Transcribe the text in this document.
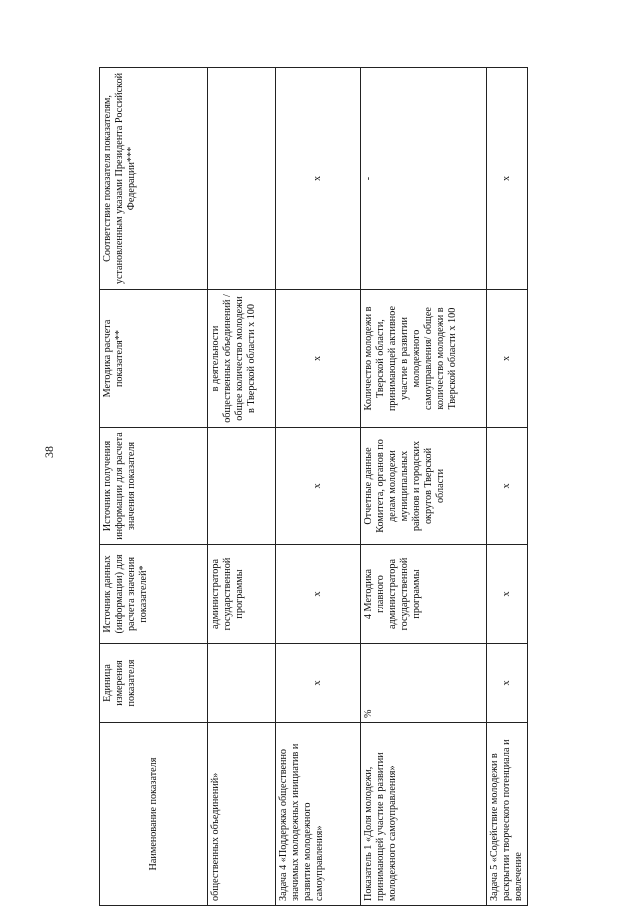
38
Наименование показателя	Единица измерения показателя	Источник данных (информации) для расчета значения показателей*	Источник получения информации для расчета значения показателя	Методика расчета показателя**	Соответствие показателя показателям, установленным указами Президента Российской Федерации***
общественных объединений»		администратора государственной программы		в деятельности общественных объединений / общее количество молодежи в Тверской области х 100	
Задача 4 «Поддержка общественно значимых молодежных инициатив и развитие молодежного самоуправления»	х	х	х	х	х
Показатель 1 «Доля молодежи, принимающей участие в развитии молодежного самоуправления»	%	4 Методика главного администратора государственной программы	Отчетные данные Комитета, органов по делам молодежи муниципальных районов и городских округов Тверской области	Количество молодежи в Тверской области, принимающей активное участие в развитии молодежного самоуправления/ общее количество молодежи в Тверской области х 100	-
Задача 5 «Содействие молодежи в раскрытии творческого потенциала и вовлечение	х	х	х	х	х
